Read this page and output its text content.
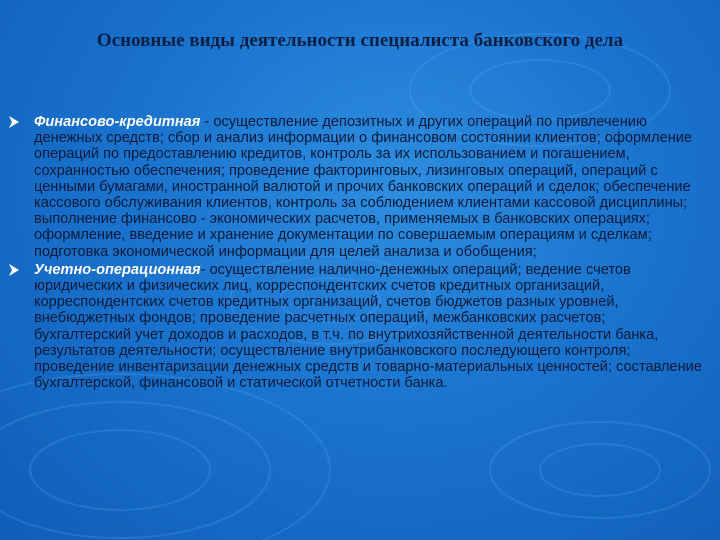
Основные виды деятельности специалиста банковского дела
Финансово-кредитная - осуществление депозитных и других операций по привлечению денежных средств; сбор и анализ информации о финансовом состоянии клиентов; оформление операций по предоставлению кредитов, контроль за их использованием и погашением, сохранностью обеспечения; проведение факторинговых, лизинговых операций, операций с ценными бумагами, иностранной валютой и прочих банковских операций и сделок; обеспечение кассового обслуживания клиентов, контроль за соблюдением клиентами кассовой дисциплины; выполнение финансово - экономических расчетов, применяемых в банковских операциях; оформление, введение и хранение документации по совершаемым операциям и сделкам; подготовка экономической информации для целей анализа и обобщения;
Учетно-операционная- осуществление налично-денежных операций; ведение счетов юридических и физических лиц, корреспондентских счетов кредитных организаций, корреспондентских счетов кредитных организаций, счетов бюджетов разных уровней, внебюджетных фондов; проведение расчетных операций, межбанковских расчетов; бухгалтерский учет доходов и расходов, в т.ч. по внутрихозяйственной деятельности банка, результатов деятельности; осуществление внутрибанковского последующего контроля; проведение инвентаризации денежных средств и товарно-материальных ценностей; составление бухгалтерской, финансовой и статической отчетности банка.
